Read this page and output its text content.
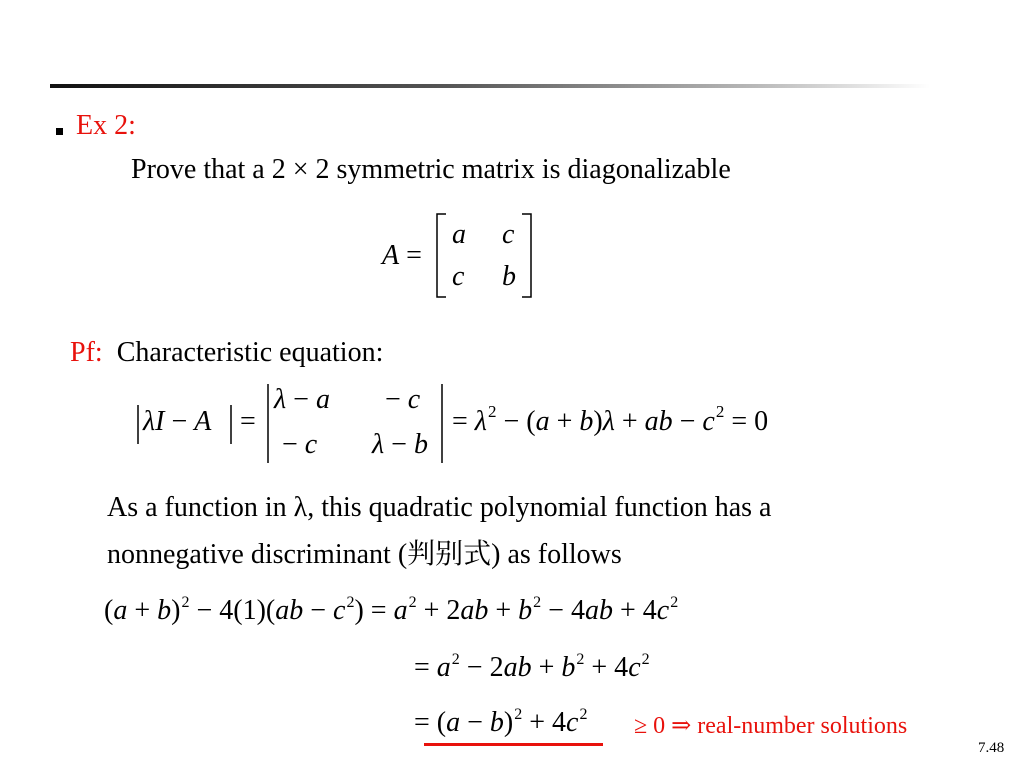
Ex 2:
Prove that a 2 × 2 symmetric matrix is diagonalizable
A =
a c
c b
Pf: Characteristic equation:
λI − A =
λ − a − c
− c λ − b
= $\lambda^2 - (a + b)\lambda$ + ab − $c^2 = 0$
As a function in λ, this quadratic polynomial function has a
nonnegative discriminant (判别式) as follows
$(a + b)^2 - 4(1)(ab - c^2) = a^2 + 2ab + b^2 - 4ab + 4c^2$
= $a^2 - 2ab + b^2 + 4c^2$
= $(a - b)^2 + 4c^2 \ge 0$ ⇒ real-number solutions
7.48
